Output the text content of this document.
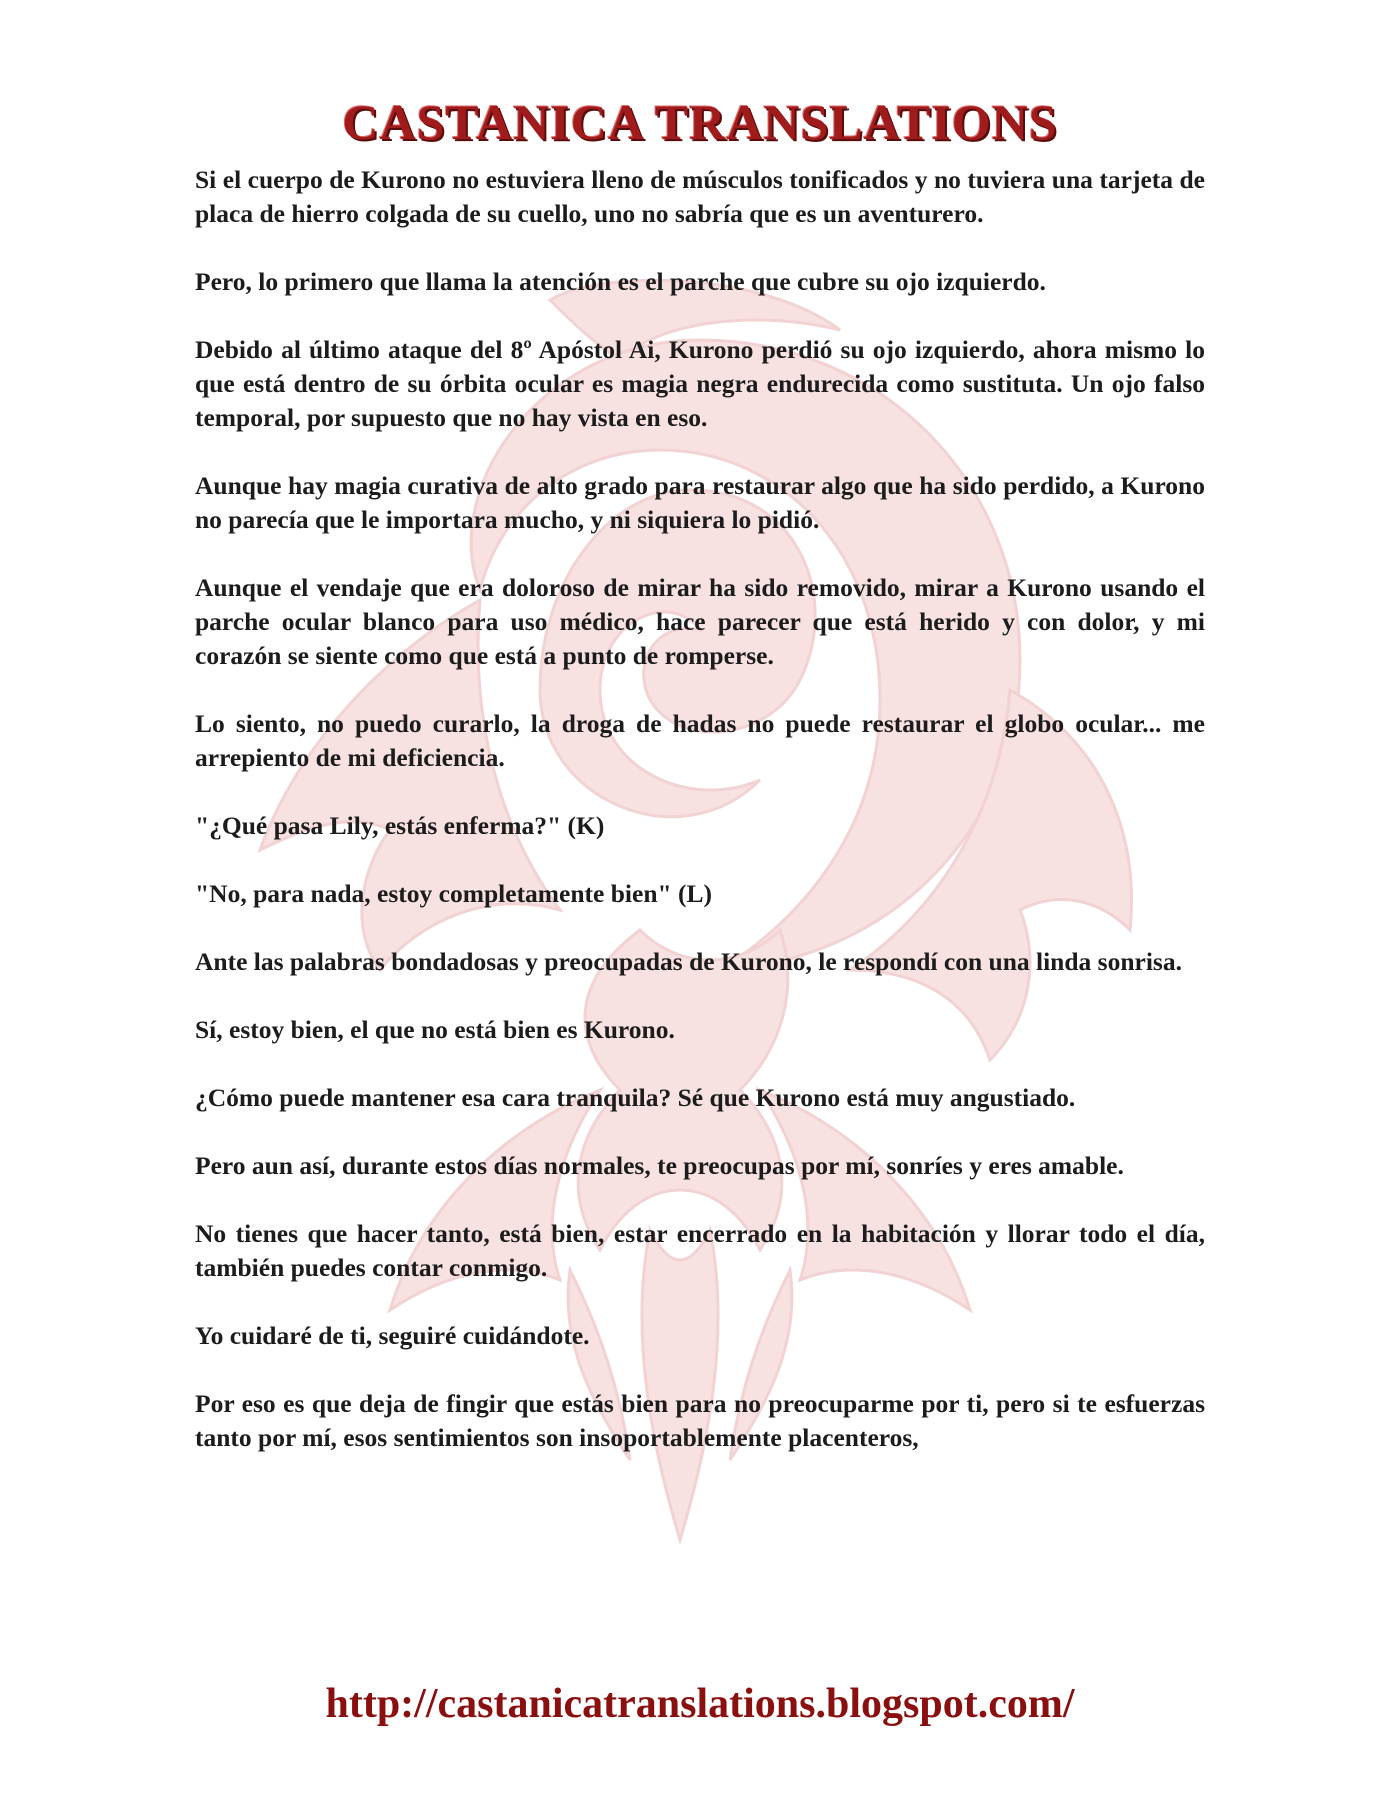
CASTANICA TRANSLATIONS

Si el cuerpo de Kurono no estuviera lleno de músculos tonificados y no tuviera una tarjeta de placa de hierro colgada de su cuello, uno no sabría que es un aventurero.

Pero, lo primero que llama la atención es el parche que cubre su ojo izquierdo.

Debido al último ataque del 8º Apóstol Ai, Kurono perdió su ojo izquierdo, ahora mismo lo que está dentro de su órbita ocular es magia negra endurecida como sustituta. Un ojo falso temporal, por supuesto que no hay vista en eso.

Aunque hay magia curativa de alto grado para restaurar algo que ha sido perdido, a Kurono no parecía que le importara mucho, y ni siquiera lo pidió.

Aunque el vendaje que era doloroso de mirar ha sido removido, mirar a Kurono usando el parche ocular blanco para uso médico, hace parecer que está herido y con dolor, y mi corazón se siente como que está a punto de romperse.

Lo siento, no puedo curarlo, la droga de hadas no puede restaurar el globo ocular... me arrepiento de mi deficiencia.

"¿Qué pasa Lily, estás enferma?" (K)

"No, para nada, estoy completamente bien" (L)

Ante las palabras bondadosas y preocupadas de Kurono, le respondí con una linda sonrisa.

Sí, estoy bien, el que no está bien es Kurono.

¿Cómo puede mantener esa cara tranquila? Sé que Kurono está muy angustiado.

Pero aun así, durante estos días normales, te preocupas por mí, sonríes y eres amable.

No tienes que hacer tanto, está bien, estar encerrado en la habitación y llorar todo el día, también puedes contar conmigo.

Yo cuidaré de ti, seguiré cuidándote.

Por eso es que deja de fingir que estás bien para no preocuparme por ti, pero si te esfuerzas tanto por mí, esos sentimientos son insoportablemente placenteros,

http://castanicatranslations.blogspot.com/
